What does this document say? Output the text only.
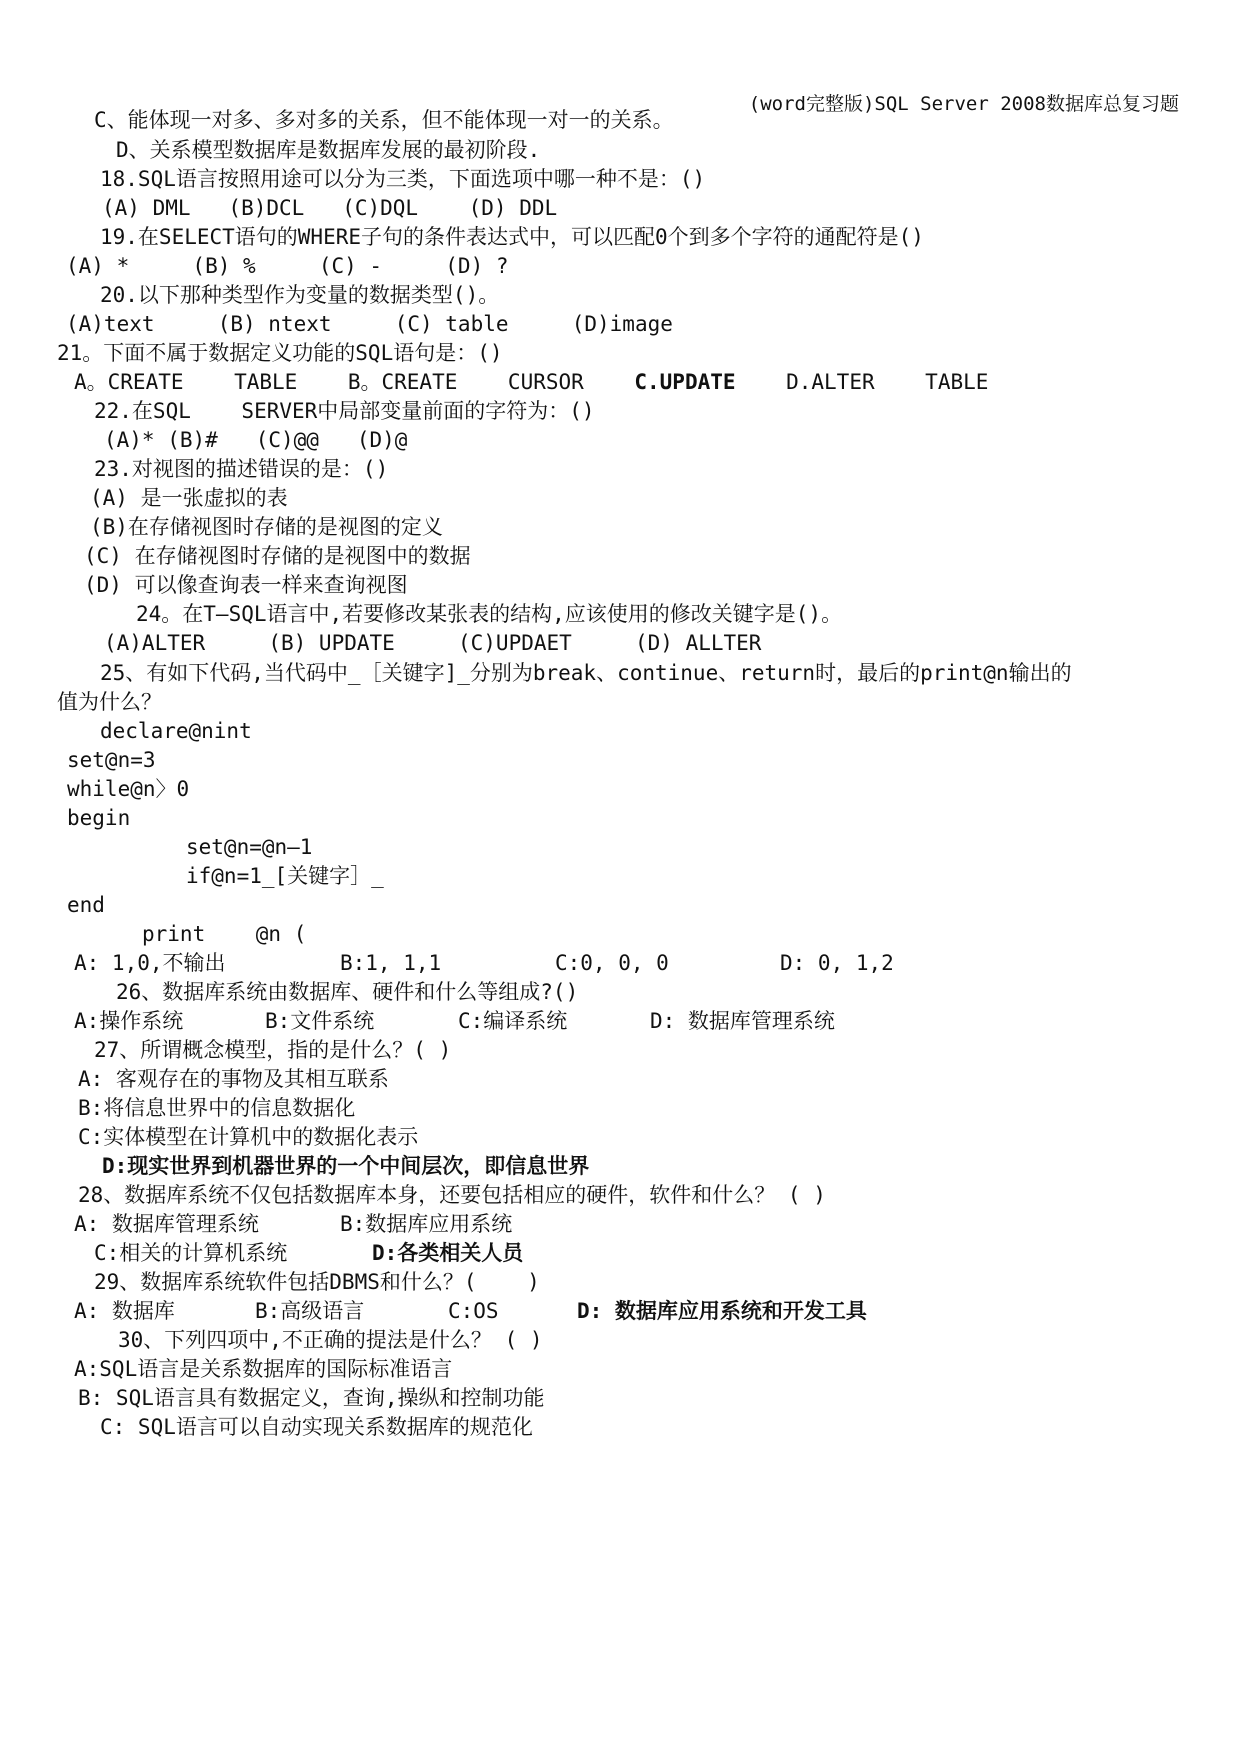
(word完整版)SQL Server 2008数据库总复习题
C、能体现一对多、多对多的关系，但不能体现一对一的关系。
D、关系模型数据库是数据库发展的最初阶段.
18.SQL语言按照用途可以分为三类，下面选项中哪一种不是：()
(A) DML   (B)DCL   (C)DQL    (D) DDL
19.在SELECT语句的WHERE子句的条件表达式中，可以匹配0个到多个字符的通配符是()
(A) *     (B) %     (C) -     (D) ?
20.以下那种类型作为变量的数据类型()。
(A)text     (B) ntext     (C) table     (D)image
21。下面不属于数据定义功能的SQL语句是：()
A。CREATE    TABLE    B。CREATE    CURSOR    C.UPDATE    D.ALTER    TABLE
22.在SQL    SERVER中局部变量前面的字符为：()
(A)* (B)#   (C)@@   (D)@
23.对视图的描述错误的是：()
(A) 是一张虚拟的表
(B)在存储视图时存储的是视图的定义
(C) 在存储视图时存储的是视图中的数据
(D) 可以像查询表一样来查询视图
24。在T—SQL语言中,若要修改某张表的结构,应该使用的修改关键字是()。
(A)ALTER     (B) UPDATE     (C)UPDAET     (D) ALLTER
25、有如下代码,当代码中_［关键字]_分别为break、continue、return时，最后的print@n输出的
值为什么？
declare@nint
set@n=3
while@n〉0
begin
set@n=@n—1
if@n=1_[关键字］_
end
print    @n (
A: 1,0,不输出	B:1, 1,1	C:0, 0, 0	D: 0, 1,2
26、数据库系统由数据库、硬件和什么等组成?()
A:操作系统	B:文件系统	C:编译系统	D: 数据库管理系统
27、所谓概念模型，指的是什么？( )
A: 客观存在的事物及其相互联系
B:将信息世界中的信息数据化
C:实体模型在计算机中的数据化表示
D:现实世界到机器世界的一个中间层次，即信息世界
28、数据库系统不仅包括数据库本身，还要包括相应的硬件，软件和什么？ ( )
A: 数据库管理系统	B:数据库应用系统
C:相关的计算机系统	D:各类相关人员
29、数据库系统软件包括DBMS和什么？(    )
A: 数据库	B:高级语言	C:OS	D: 数据库应用系统和开发工具
30、下列四项中,不正确的提法是什么？ ( )
A:SQL语言是关系数据库的国际标准语言
B: SQL语言具有数据定义，查询,操纵和控制功能
C: SQL语言可以自动实现关系数据库的规范化
